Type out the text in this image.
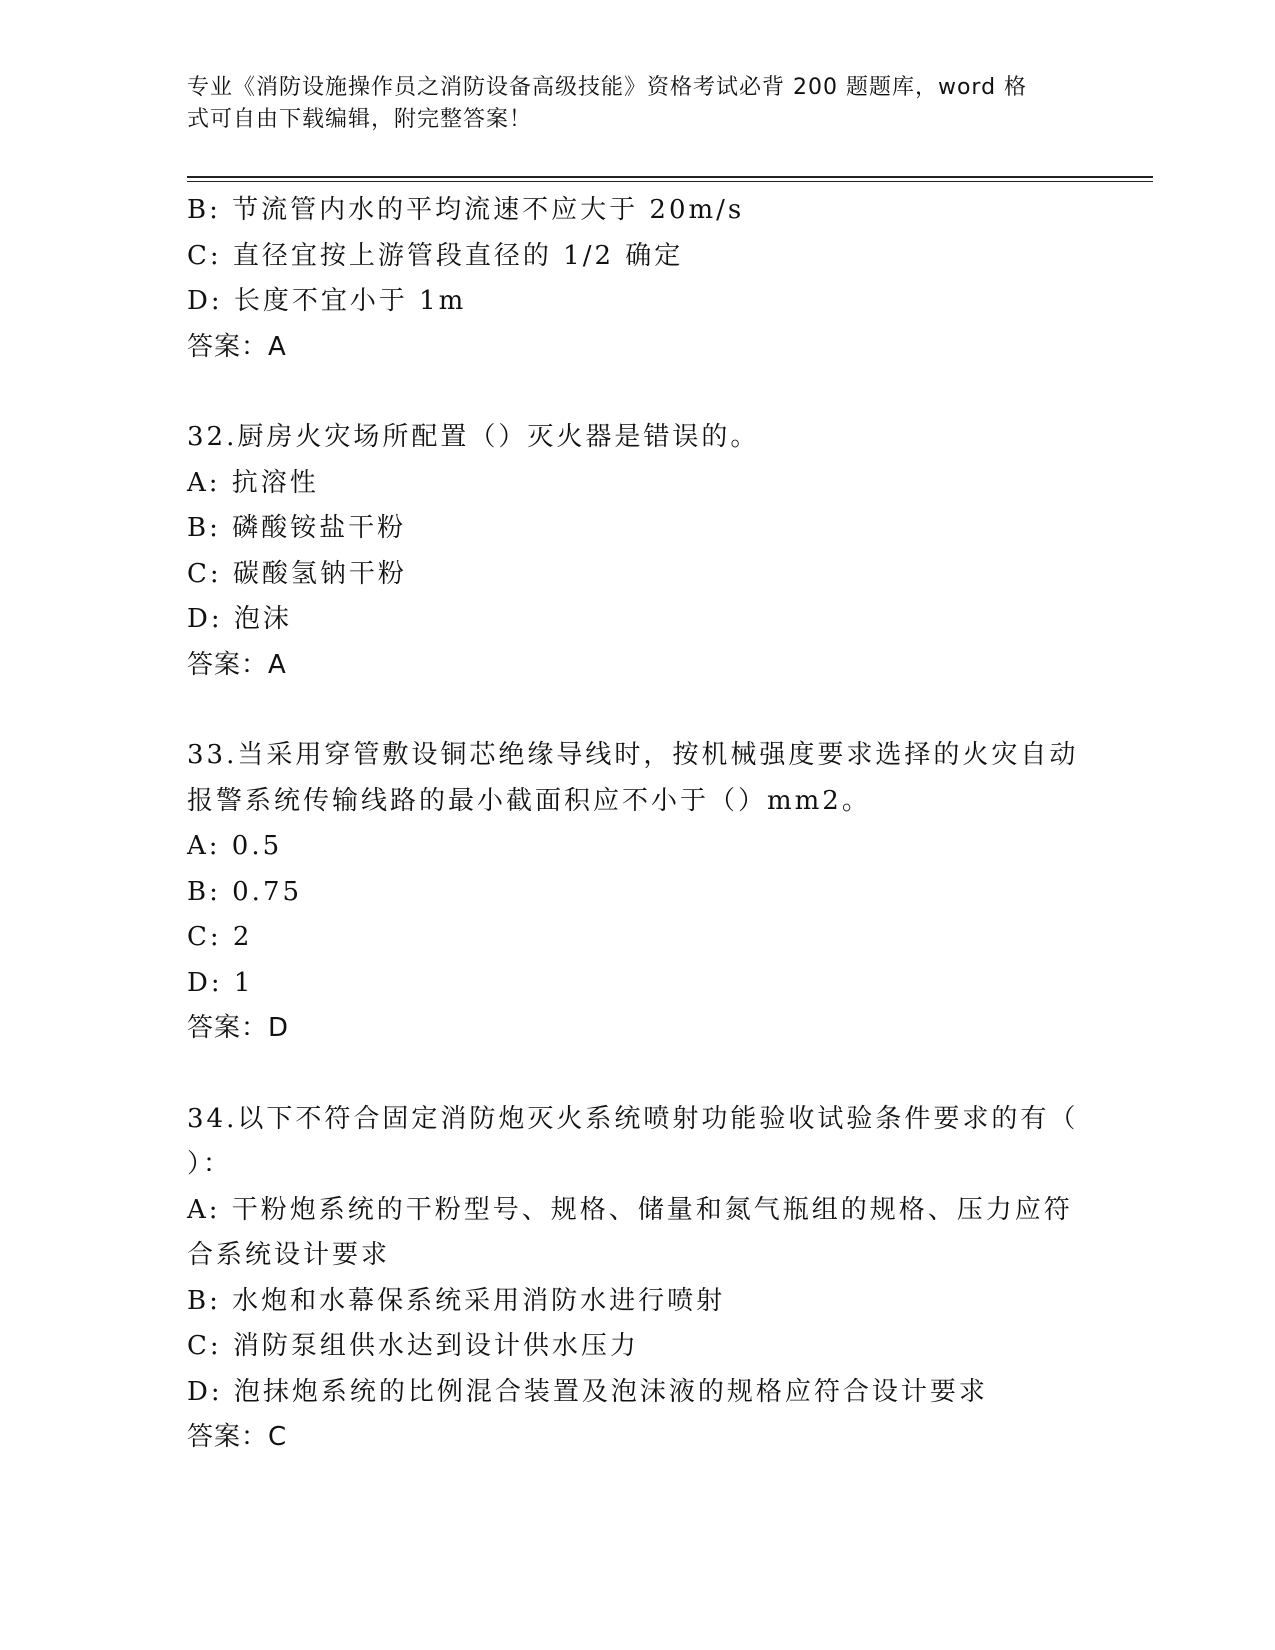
专业《消防设施操作员之消防设备高级技能》资格考试必背 200 题题库，word 格
式可自由下载编辑，附完整答案！
B: 节流管内水的平均流速不应大于 20m/s
C: 直径宜按上游管段直径的 1/2 确定
D: 长度不宜小于 1m
答案：A
32.厨房火灾场所配置（）灭火器是错误的。
A: 抗溶性
B: 磷酸铵盐干粉
C: 碳酸氢钠干粉
D: 泡沫
答案：A
33.当采用穿管敷设铜芯绝缘导线时，按机械强度要求选择的火灾自动
报警系统传输线路的最小截面积应不小于（）mm2。
A: 0.5
B: 0.75
C: 2
D: 1
答案：D
34.以下不符合固定消防炮灭火系统喷射功能验收试验条件要求的有（
）：
A: 干粉炮系统的干粉型号、规格、储量和氮气瓶组的规格、压力应符
合系统设计要求
B: 水炮和水幕保系统采用消防水进行喷射
C: 消防泵组供水达到设计供水压力
D: 泡抹炮系统的比例混合装置及泡沫液的规格应符合设计要求
答案：C
